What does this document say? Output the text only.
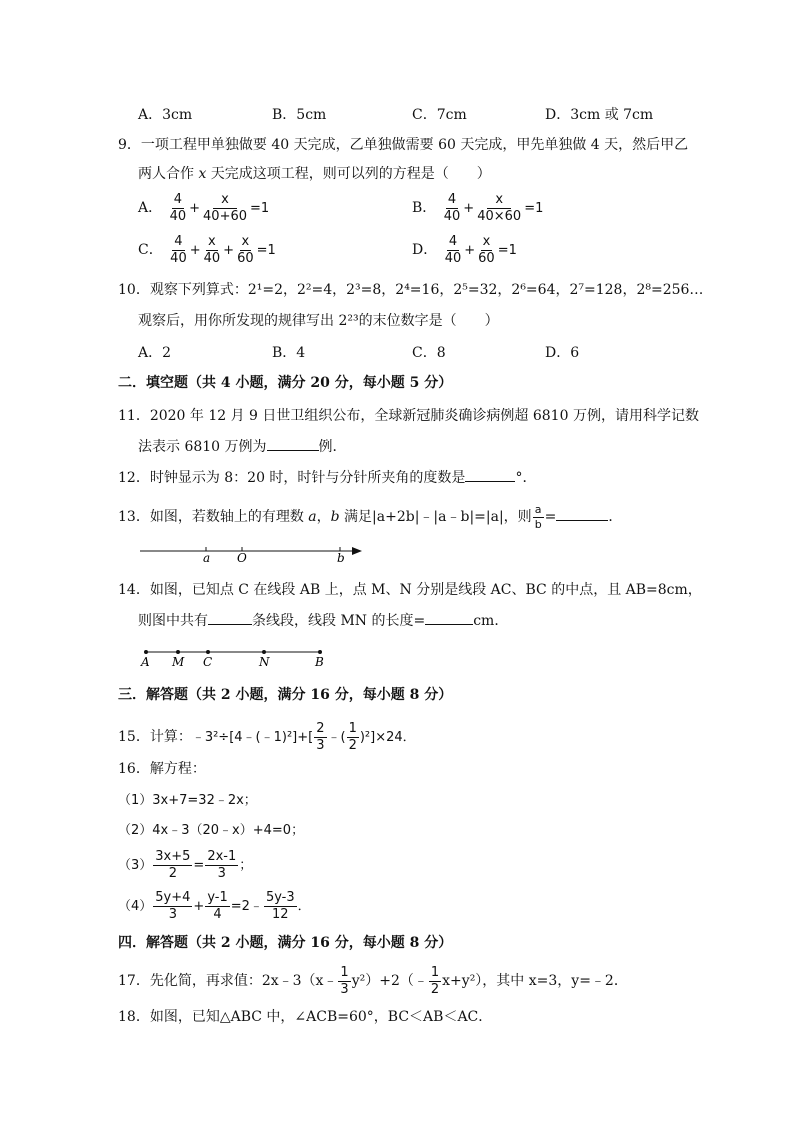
A．3cm	B．5cm	C．7cm	D．3cm 或 7cm
9．一项工程甲单独做要 40 天完成，乙单独做需要 60 天完成，甲先单独做 4 天，然后甲乙
两人合作 x 天完成这项工程，则可以列的方程是（　　）
A． $\frac{4}{40} + \frac{x}{40+60} =1$	B． $\frac{4}{40} + \frac{x}{40\times 60} =1$
C． $\frac{4}{40} + \frac{x}{40} + \frac{x}{60} =1$	D． $\frac{4}{40} + \frac{x}{60} =1$
10．观察下列算式：2¹=2，2²=4，2³=8，2⁴=16，2⁵=32，2⁶=64，2⁷=128，2⁸=256…
观察后，用你所发现的规律写出 2²³的末位数字是（　　）
A．2	B．4	C．8	D．6
二．填空题（共 4 小题，满分 20 分，每小题 5 分）
11．2020 年 12 月 9 日世卫组织公布，全球新冠肺炎确诊病例超 6810 万例，请用科学记数
法表示 6810 万例为	例．
12．时钟显示为 8：20 时，时针与分针所夹角的度数是	°．
13．如图，若数轴上的有理数 a，b 满足|a+2b|﹣|a﹣b|=|a|，则 $\frac{a}{b}$ =	．
a O	b
14．如图，已知点 C 在线段 AB 上，点 M、N 分别是线段 AC、BC 的中点，且 AB=8cm，
则图中共有	条线段，线段 MN 的长度=	cm．
A M C	N	B
三．解答题（共 2 小题，满分 16 分，每小题 8 分）
15．计算：﹣3²÷[4﹣(﹣1)²]+[ $\frac{2}{3}$ ﹣( $\frac{1}{2} )^2]\times 24$．
16．解方程：
（1）3x+7=32﹣2x；
（2）4x﹣3（20﹣x）+4=0；
$(3) \frac{3x+5}{2} = \frac{2x-1}{3}$ ；
$(4) \frac{5y+4}{3} + \frac{y-1}{4}$ =2﹣ $\frac{5y-3}{12}$ ．
四．解答题（共 2 小题，满分 16 分，每小题 8 分）
17．先化简，再求值：2x﹣3（x﹣ $\frac{1}{3}$ y²）+2（﹣ $\frac{1}{2} x+y^2$），其中 x=3，y=﹣2．
18．如图，已知△ABC 中，∠ACB=60°，BC＜AB＜AC．
